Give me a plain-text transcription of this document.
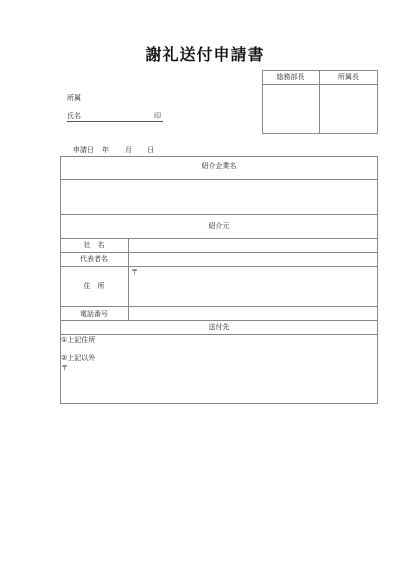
謝礼送付申請書
総務部長	所属長
所属
氏名	印
申請日 年 月 日
紹介企業名
紹介元
社　名
代表者名
住　所
〒
電話番号
送付先
①上記住所
②上記以外
〒
